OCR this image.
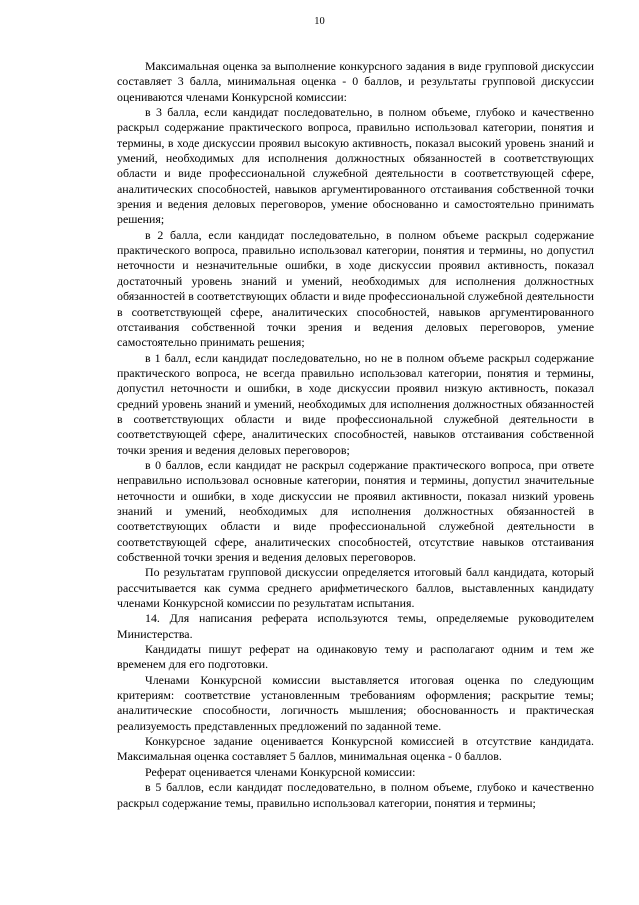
10

Максимальная оценка за выполнение конкурсного задания в виде групповой дискуссии составляет 3 балла, минимальная оценка - 0 баллов, и результаты групповой дискуссии оцениваются членами Конкурсной комиссии:

в 3 балла, если кандидат последовательно, в полном объеме, глубоко и качественно раскрыл содержание практического вопроса, правильно использовал категории, понятия и термины, в ходе дискуссии проявил высокую активность, показал высокий уровень знаний и умений, необходимых для исполнения должностных обязанностей в соответствующих области и виде профессиональной служебной деятельности в соответствующей сфере, аналитических способностей, навыков аргументированного отстаивания собственной точки зрения и ведения деловых переговоров, умение обоснованно и самостоятельно принимать решения;

в 2 балла, если кандидат последовательно, в полном объеме раскрыл содержание практического вопроса, правильно использовал категории, понятия и термины, но допустил неточности и незначительные ошибки, в ходе дискуссии проявил активность, показал достаточный уровень знаний и умений, необходимых для исполнения должностных обязанностей в соответствующих области и виде профессиональной служебной деятельности в соответствующей сфере, аналитических способностей, навыков аргументированного отстаивания собственной точки зрения и ведения деловых переговоров, умение самостоятельно принимать решения;

в 1 балл, если кандидат последовательно, но не в полном объеме раскрыл содержание практического вопроса, не всегда правильно использовал категории, понятия и термины, допустил неточности и ошибки, в ходе дискуссии проявил низкую активность, показал средний уровень знаний и умений, необходимых для исполнения должностных обязанностей в соответствующих области и виде профессиональной служебной деятельности в соответствующей сфере, аналитических способностей, навыков отстаивания собственной точки зрения и ведения деловых переговоров;

в 0 баллов, если кандидат не раскрыл содержание практического вопроса, при ответе неправильно использовал основные категории, понятия и термины, допустил значительные неточности и ошибки, в ходе дискуссии не проявил активности, показал низкий уровень знаний и умений, необходимых для исполнения должностных обязанностей в соответствующих области и виде профессиональной служебной деятельности в соответствующей сфере, аналитических способностей, отсутствие навыков отстаивания собственной точки зрения и ведения деловых переговоров.

По результатам групповой дискуссии определяется итоговый балл кандидата, который рассчитывается как сумма среднего арифметического баллов, выставленных кандидату членами Конкурсной комиссии по результатам испытания.

14. Для написания реферата используются темы, определяемые руководителем Министерства.

Кандидаты пишут реферат на одинаковую тему и располагают одним и тем же временем для его подготовки.

Членами Конкурсной комиссии выставляется итоговая оценка по следующим критериям: соответствие установленным требованиям оформления; раскрытие темы; аналитические способности, логичность мышления; обоснованность и практическая реализуемость представленных предложений по заданной теме.

Конкурсное задание оценивается Конкурсной комиссией в отсутствие кандидата. Максимальная оценка составляет 5 баллов, минимальная оценка - 0 баллов.

Реферат оценивается членами Конкурсной комиссии:

в 5 баллов, если кандидат последовательно, в полном объеме, глубоко и качественно раскрыл содержание темы, правильно использовал категории, понятия и термины;
